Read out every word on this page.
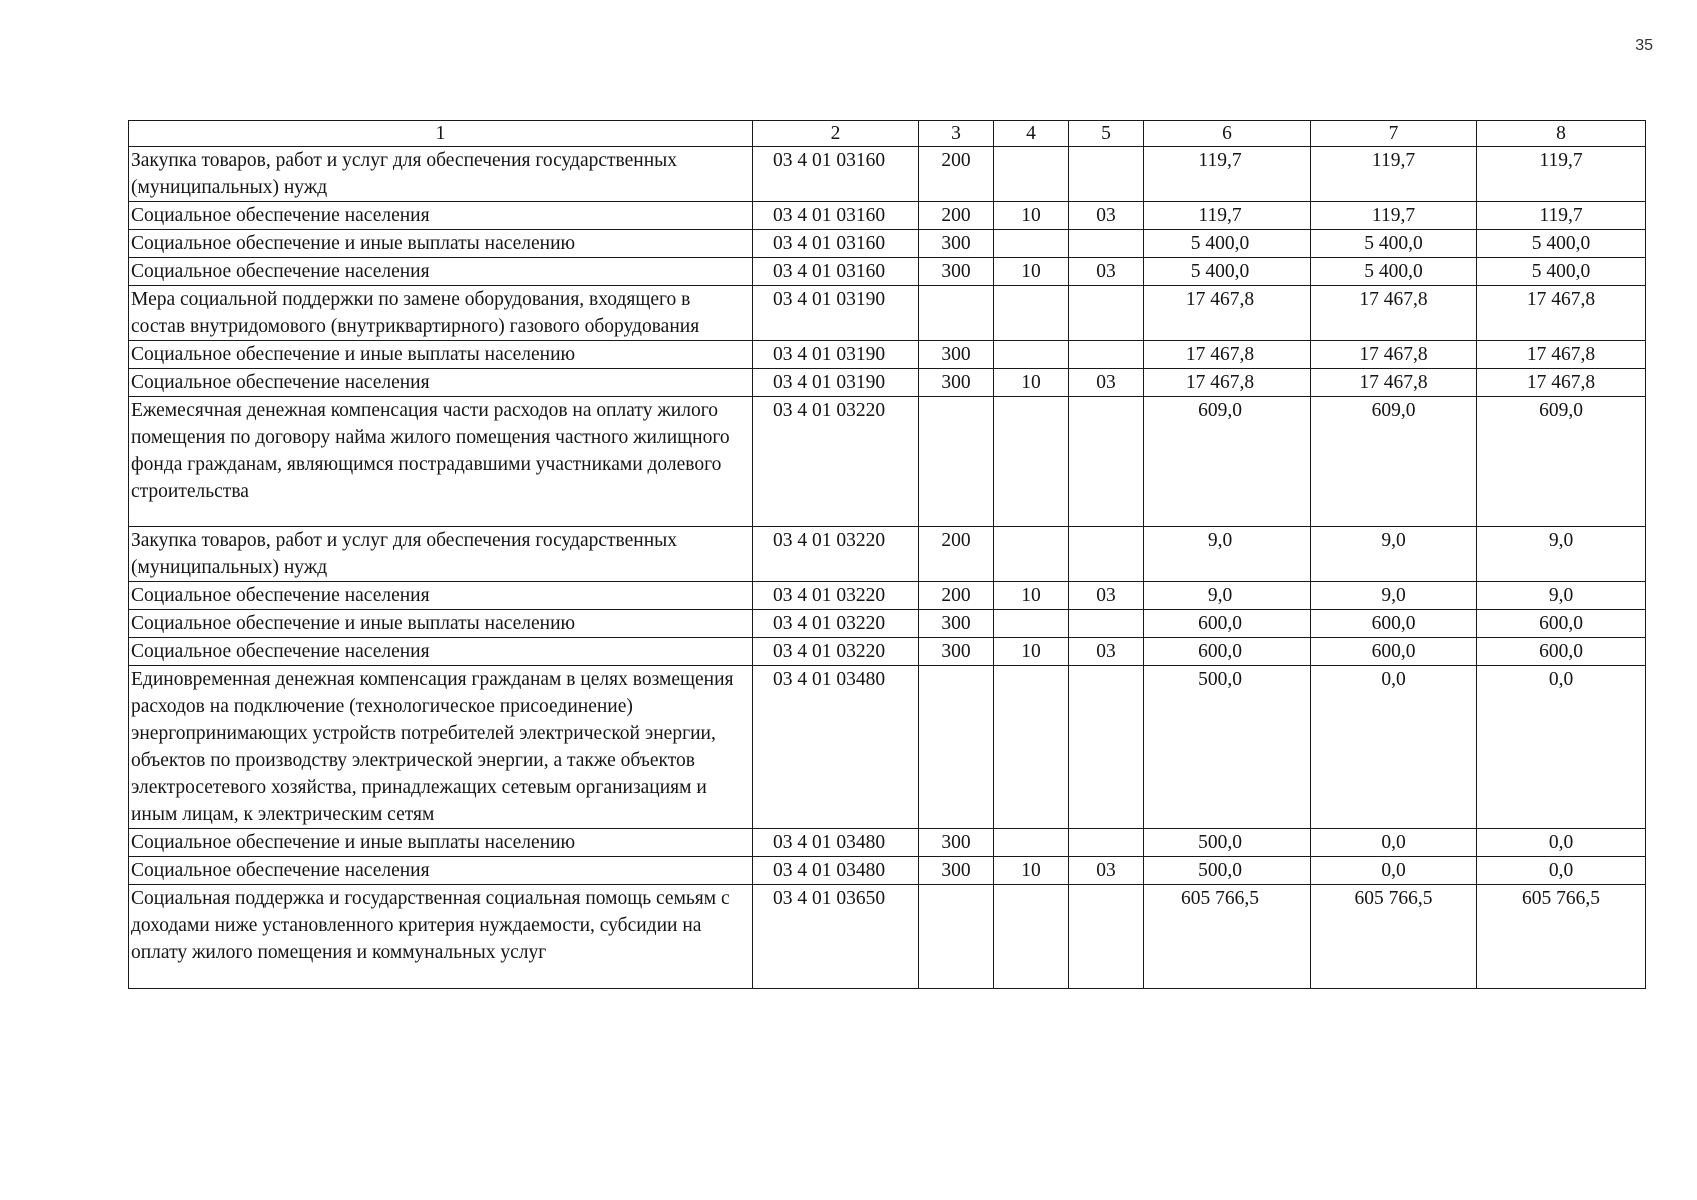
35
1	2	3	4	5	6	7	8
Закупка товаров, работ и услуг для обеспечения государственных (муниципальных) нужд	03 4 01 03160	200			119,7	119,7	119,7
Социальное обеспечение населения	03 4 01 03160	200	10	03	119,7	119,7	119,7
Социальное обеспечение и иные выплаты населению	03 4 01 03160	300			5 400,0	5 400,0	5 400,0
Социальное обеспечение населения	03 4 01 03160	300	10	03	5 400,0	5 400,0	5 400,0
Мера социальной поддержки по замене оборудования, входящего в состав внутридомового (внутриквартирного) газового оборудования	03 4 01 03190				17 467,8	17 467,8	17 467,8
Социальное обеспечение и иные выплаты населению	03 4 01 03190	300			17 467,8	17 467,8	17 467,8
Социальное обеспечение населения	03 4 01 03190	300	10	03	17 467,8	17 467,8	17 467,8
Ежемесячная денежная компенсация части расходов на оплату жилого помещения по договору найма жилого помещения частного жилищного фонда гражданам, являющимся пострадавшими участниками долевого строительства	03 4 01 03220				609,0	609,0	609,0
Закупка товаров, работ и услуг для обеспечения государственных (муниципальных) нужд	03 4 01 03220	200			9,0	9,0	9,0
Социальное обеспечение населения	03 4 01 03220	200	10	03	9,0	9,0	9,0
Социальное обеспечение и иные выплаты населению	03 4 01 03220	300			600,0	600,0	600,0
Социальное обеспечение населения	03 4 01 03220	300	10	03	600,0	600,0	600,0
Единовременная денежная компенсация гражданам в целях возмещения расходов на подключение (технологическое присоединение) энергопринимающих устройств потребителей электрической энергии, объектов по производству электрической энергии, а также объектов электросетевого хозяйства, принадлежащих сетевым организациям и иным лицам, к электрическим сетям	03 4 01 03480				500,0	0,0	0,0
Социальное обеспечение и иные выплаты населению	03 4 01 03480	300			500,0	0,0	0,0
Социальное обеспечение населения	03 4 01 03480	300	10	03	500,0	0,0	0,0
Социальная поддержка и государственная социальная помощь семьям с доходами ниже установленного критерия нуждаемости, субсидии на оплату жилого помещения и коммунальных услуг	03 4 01 03650				605 766,5	605 766,5	605 766,5
